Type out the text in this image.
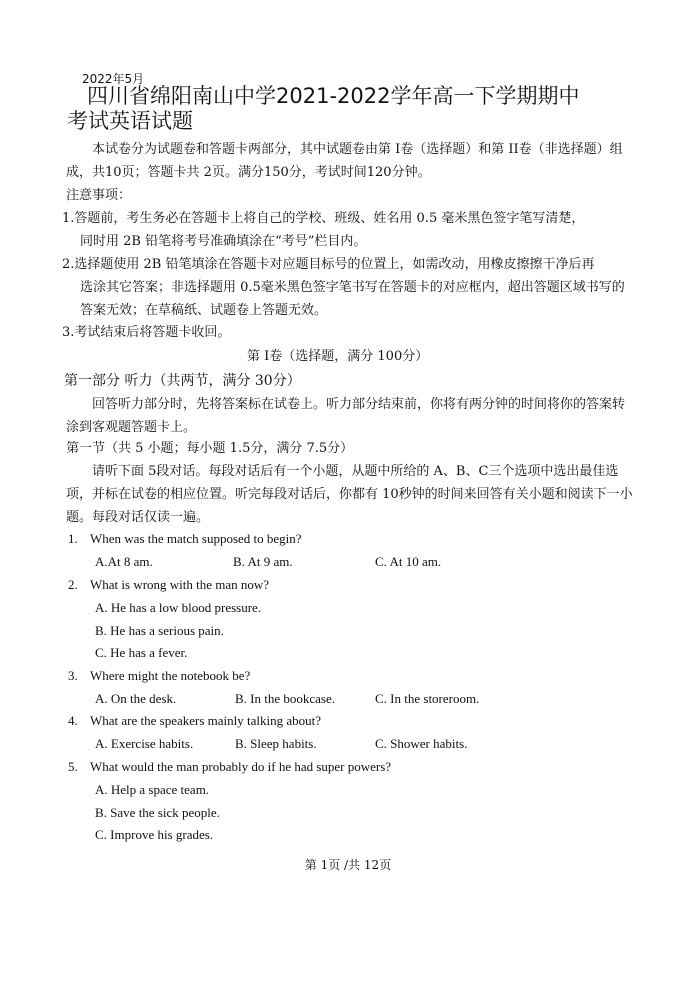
2022年5月
四川省绵阳南山中学2021-2022学年高一下学期期中
考试英语试题
本试卷分为试题卷和答题卡两部分，其中试题卷由第 I卷（选择题）和第 II卷（非选择题）组成，共10页；答题卡共 2页。满分150分，考试时间120分钟。
注意事项：
1.答题前，考生务必在答题卡上将自己的学校、班级、姓名用 0.5 毫米黑色签字笔写清楚，
同时用 2B 铅笔将考号准确填涂在“考号”栏目内。
2.选择题使用 2B 铅笔填涂在答题卡对应题目标号的位置上，如需改动，用橡皮擦擦干净后再
选涂其它答案；非选择题用 0.5毫米黑色签字笔书写在答题卡的对应框内，超出答题区域书写的答案无效；在草稿纸、试题卷上答题无效。
3.考试结束后将答题卡收回。
第 I卷（选择题，满分 100分）
第一部分 听力（共两节，满分 30分）
回答听力部分时，先将答案标在试卷上。听力部分结束前，你将有两分钟的时间将你的答案转涂到客观题答题卡上。
第一节（共 5 小题；每小题 1.5分，满分 7.5分）
请听下面 5段对话。每段对话后有一个小题，从题中所给的 A、B、C三个选项中选出最佳选项，并标在试卷的相应位置。听完每段对话后，你都有 10秒钟的时间来回答有关小题和阅读下一小题。每段对话仅读一遍。
1. When was the match supposed to begin?
A.At 8 am.	B. At 9 am.	C. At 10 am.
2. What is wrong with the man now?
A. He has a low blood pressure.
B. He has a serious pain.
C. He has a fever.
3. Where might the notebook be?
A. On the desk.	B. In the bookcase.	C. In the storeroom.
4. What are the speakers mainly talking about?
A. Exercise habits.	B. Sleep habits.	C. Shower habits.
5. What would the man probably do if he had super powers?
A. Help a space team.
B. Save the sick people.
C. Improve his grades.
第 1页 /共 12页
